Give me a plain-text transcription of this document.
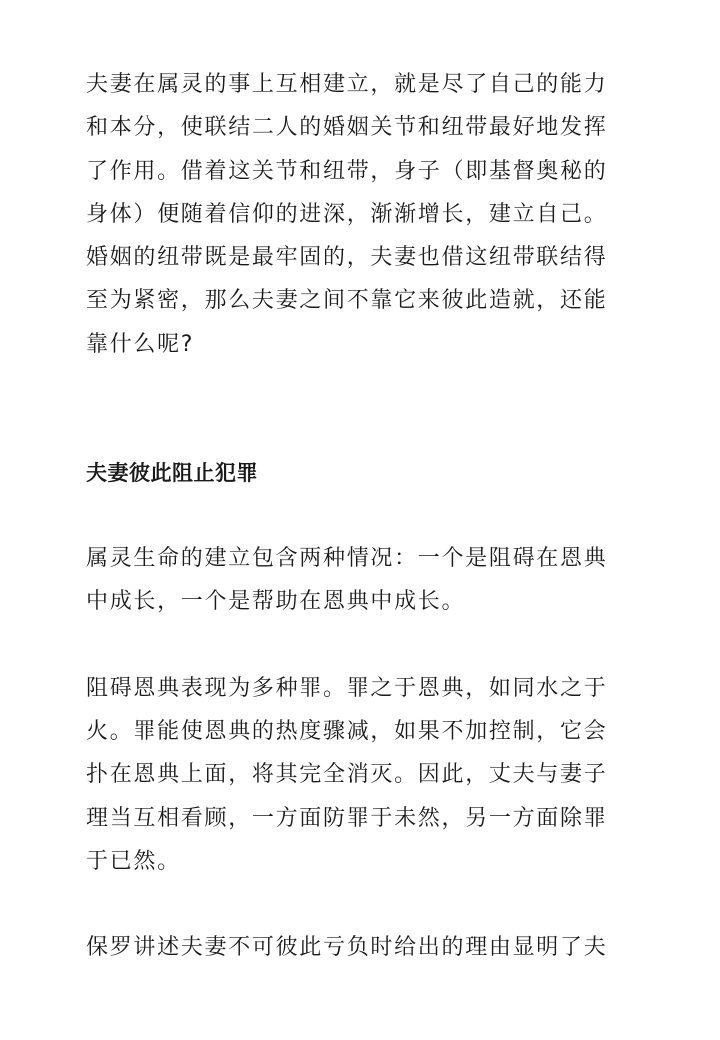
夫妻在属灵的事上互相建立，就是尽了自己的能力和本分，使联结二人的婚姻关节和纽带最好地发挥了作用。借着这关节和纽带，身子（即基督奥秘的身体）便随着信仰的进深，渐渐增长，建立自己。婚姻的纽带既是最牢固的，夫妻也借这纽带联结得至为紧密，那么夫妻之间不靠它来彼此造就，还能靠什么呢?

夫妻彼此阻止犯罪

属灵生命的建立包含两种情况：一个是阻碍在恩典中成长，一个是帮助在恩典中成长。

阻碍恩典表现为多种罪。罪之于恩典，如同水之于火。罪能使恩典的热度骤减，如果不加控制，它会扑在恩典上面，将其完全消灭。因此，丈夫与妻子理当互相看顾，一方面防罪于未然，另一方面除罪于已然。

保罗讲述夫妻不可彼此亏负时给出的理由显明了夫
